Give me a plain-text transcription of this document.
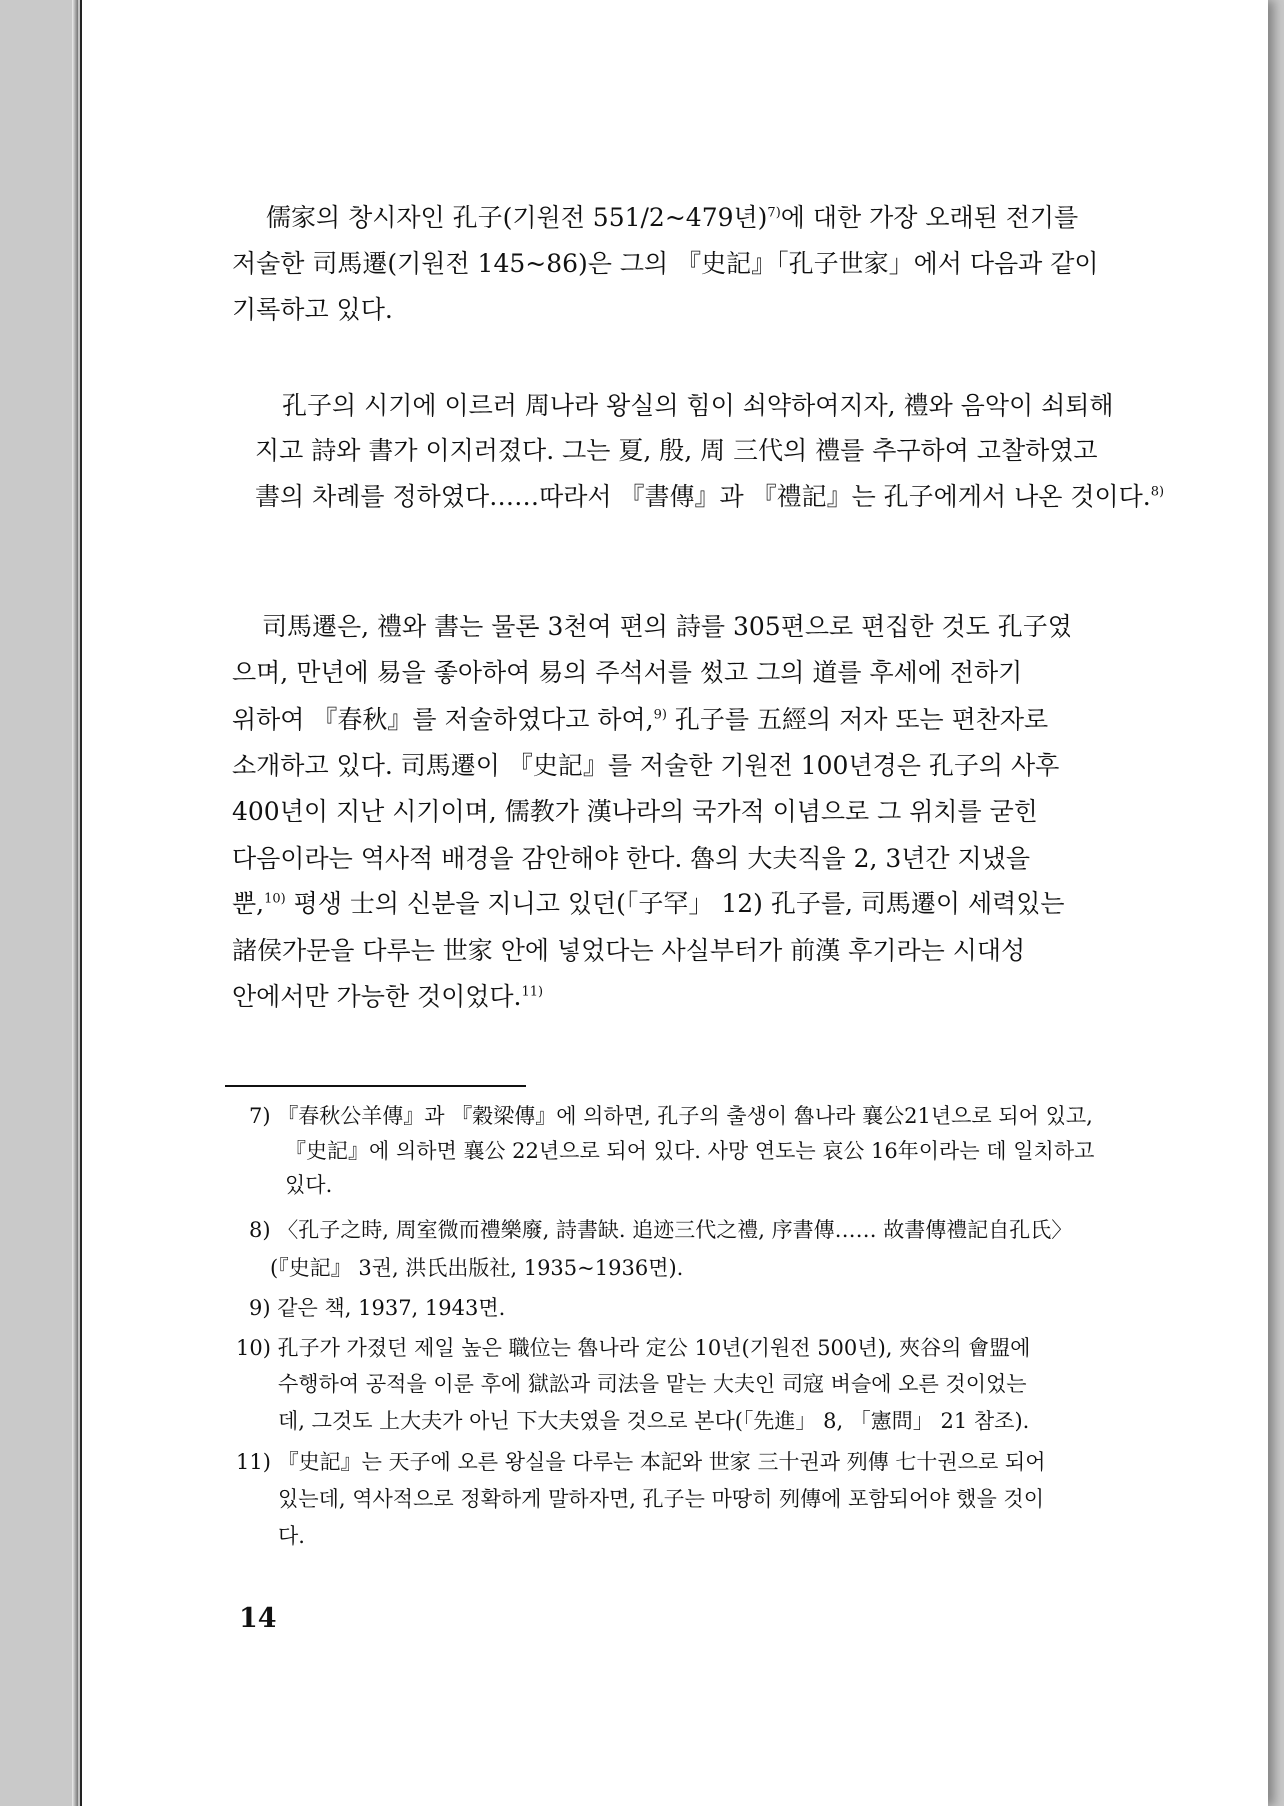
儒家의 창시자인 孔子(기원전 551/2~479년)$^{7)}$에 대한 가장 오래된 전기를
저술한 司馬遷(기원전 145~86)은 그의 『史記』「孔子世家」에서 다음과 같이
기록하고 있다.
孔子의 시기에 이르러 周나라 왕실의 힘이 쇠약하여지자, 禮와 음악이 쇠퇴해
지고 詩와 書가 이지러졌다. 그는 夏, 殷, 周 三代의 禮를 추구하여 고찰하였고
書의 차례를 정하였다……따라서 『書傳』과 『禮記』는 孔子에게서 나온 것이다.$^{8)}$
司馬遷은, 禮와 書는 물론 3천여 편의 詩를 305편으로 편집한 것도 孔子였
으며, 만년에 易을 좋아하여 易의 주석서를 썼고 그의 道를 후세에 전하기
위하여 『春秋』를 저술하였다고 하여,$^{9)}$ 孔子를 五經의 저자 또는 편찬자로
소개하고 있다. 司馬遷이 『史記』를 저술한 기원전 100년경은 孔子의 사후
400년이 지난 시기이며, 儒教가 漢나라의 국가적 이념으로 그 위치를 굳힌
다음이라는 역사적 배경을 감안해야 한다. 魯의 大夫직을 2, 3년간 지냈을
뿐,$^{10)}$ 평생 士의 신분을 지니고 있던(「子罕」 12) 孔子를, 司馬遷이 세력있는
諸侯가문을 다루는 世家 안에 넣었다는 사실부터가 前漢 후기라는 시대성
안에서만 가능한 것이었다.$^{11)}$
7) 『春秋公羊傳』과 『穀梁傳』에 의하면, 孔子의 출생이 魯나라 襄公21년으로 되어 있고,
『史記』에 의하면 襄公 22년으로 되어 있다. 사망 연도는 哀公 16年이라는 데 일치하고
있다.
8) 〈孔子之時, 周室微而禮樂廢, 詩書缺. 追迹三代之禮, 序書傳…… 故書傳禮記自孔氏〉
(『史記』 3권, 洪氏出版社, 1935~1936면).
9) 같은 책, 1937, 1943면.
10) 孔子가 가졌던 제일 높은 職位는 魯나라 定公 10년(기원전 500년), 夾谷의 會盟에
수행하여 공적을 이룬 후에 獄訟과 司法을 맡는 大夫인 司寇 벼슬에 오른 것이었는
데, 그것도 上大夫가 아닌 下大夫였을 것으로 본다(「先進」 8, 「憲問」 21 참조).
11) 『史記』는 天子에 오른 왕실을 다루는 本記와 世家 三十권과 列傳 七十권으로 되어
있는데, 역사적으로 정확하게 말하자면, 孔子는 마땅히 列傳에 포함되어야 했을 것이
다.
14
